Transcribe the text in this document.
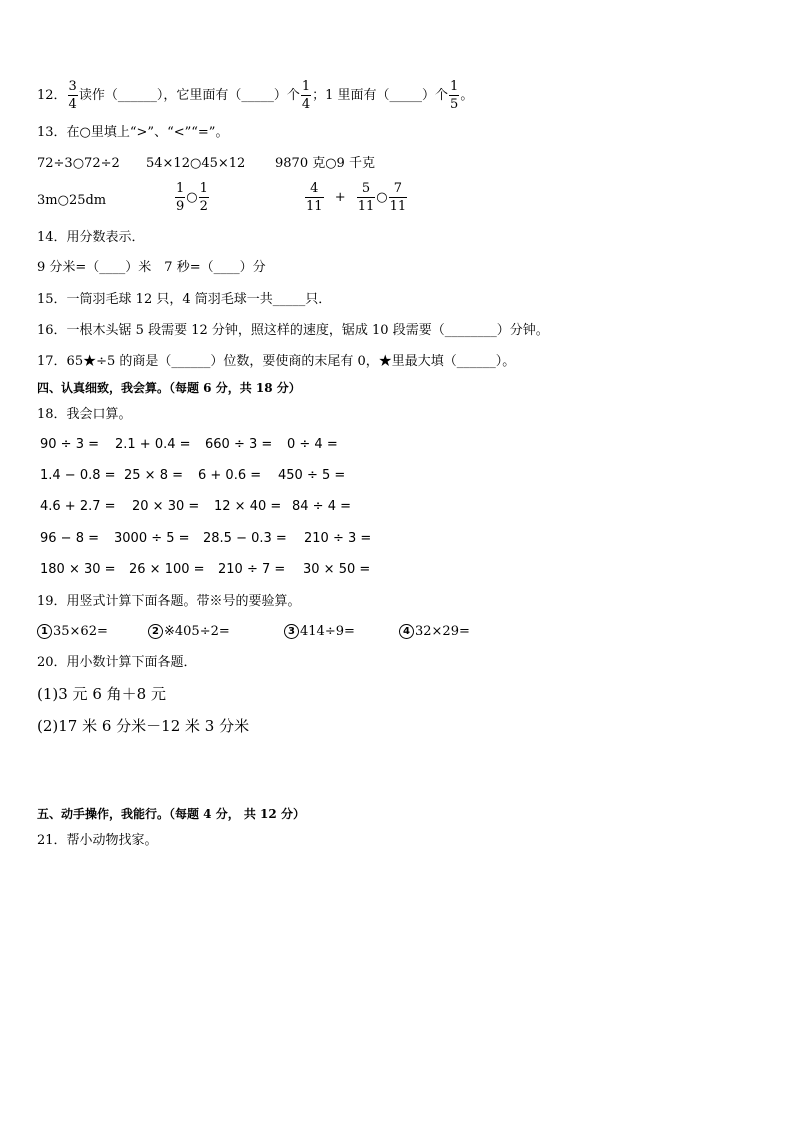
12． $\frac{3}{4}$ 读作（______），它里面有（_____）个 $\frac{1}{4}$ ；1 里面有（_____）个 $\frac{1}{5}$ 。
13．在○里填上“>”、“<”“=”。
72÷3○72÷2 54×12○45×12 9870 克○9 千克
3m○25dm	$\frac{1}{9}$ ○ $\frac{1}{2}$	$\frac{4}{11} + \frac{5}{11}$ ○ $\frac{7}{11}$
14．用分数表示．
9 分米=（____）米　7 秒=（____）分
15．一筒羽毛球 12 只，4 筒羽毛球一共_____只．
16．一根木头锯 5 段需要 12 分钟，照这样的速度，锯成 10 段需要（________）分钟。
17．65★÷5 的商是（______）位数，要使商的末尾有 0，★里最大填（______）。
四、认真细致，我会算。（每题 6 分，共 18 分）
18．我会口算。
90 ÷ 3 = 2.1 + 0.4 = 660 ÷ 3 = 0 ÷ 4 =
1.4 − 0.8 = 25 × 8 = 6 + 0.6 = 450 ÷ 5 =
4.6 + 2.7 = 20 × 30 = 12 × 40 = 84 ÷ 4 =
96 − 8 = 3000 ÷ 5 = 28.5 − 0.3 = 210 ÷ 3 =
180 × 30 = 26 × 100 = 210 ÷ 7 = 30 × 50 =
19．用竖式计算下面各题。带※号的要验算。
1 35×62=	2 ※405÷2=	3 414÷9=	4 32×29=
20．用小数计算下面各题．
(1)3 元 6 角＋8 元
(2)17 米 6 分米－12 米 3 分米
五、动手操作，我能行。（每题 4 分， 共 12 分）
21．帮小动物找家。
